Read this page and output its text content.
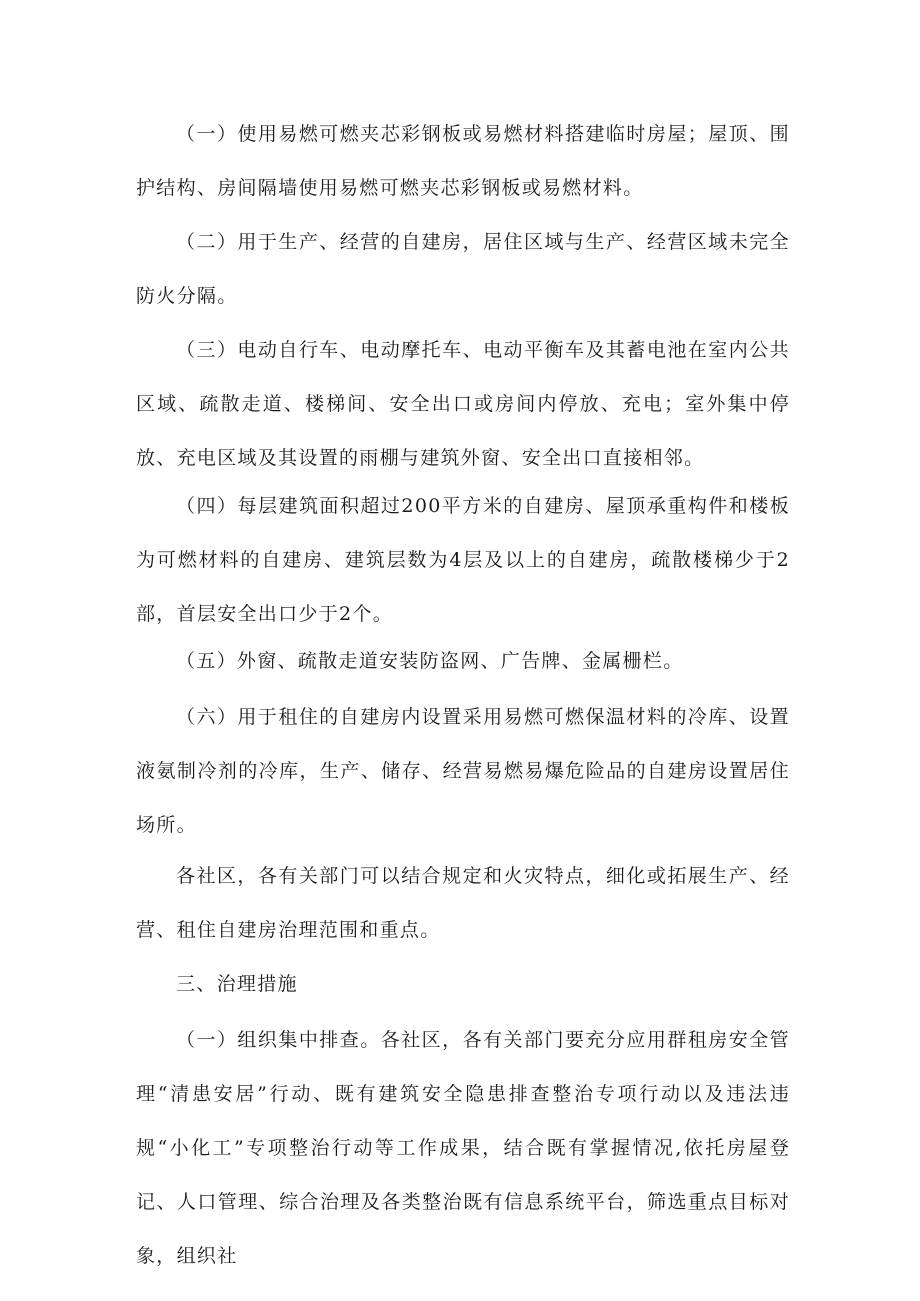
（一）使用易燃可燃夹芯彩钢板或易燃材料搭建临时房屋；屋顶、围护结构、房间隔墙使用易燃可燃夹芯彩钢板或易燃材料。

（二）用于生产、经营的自建房，居住区域与生产、经营区域未完全防火分隔。

（三）电动自行车、电动摩托车、电动平衡车及其蓄电池在室内公共区域、疏散走道、楼梯间、安全出口或房间内停放、充电；室外集中停放、充电区域及其设置的雨棚与建筑外窗、安全出口直接相邻。

（四）每层建筑面积超过200平方米的自建房、屋顶承重构件和楼板为可燃材料的自建房、建筑层数为4层及以上的自建房，疏散楼梯少于2部，首层安全出口少于2个。

（五）外窗、疏散走道安装防盗网、广告牌、金属栅栏。

（六）用于租住的自建房内设置采用易燃可燃保温材料的冷库、设置液氨制冷剂的冷库，生产、储存、经营易燃易爆危险品的自建房设置居住场所。

各社区，各有关部门可以结合规定和火灾特点，细化或拓展生产、经营、租住自建房治理范围和重点。

三、治理措施

（一）组织集中排查。各社区，各有关部门要充分应用群租房安全管理“清患安居”行动、既有建筑安全隐患排查整治专项行动以及违法违规“小化工”专项整治行动等工作成果，结合既有掌握情况,依托房屋登记、人口管理、综合治理及各类整治既有信息系统平台，筛选重点目标对象，组织社
